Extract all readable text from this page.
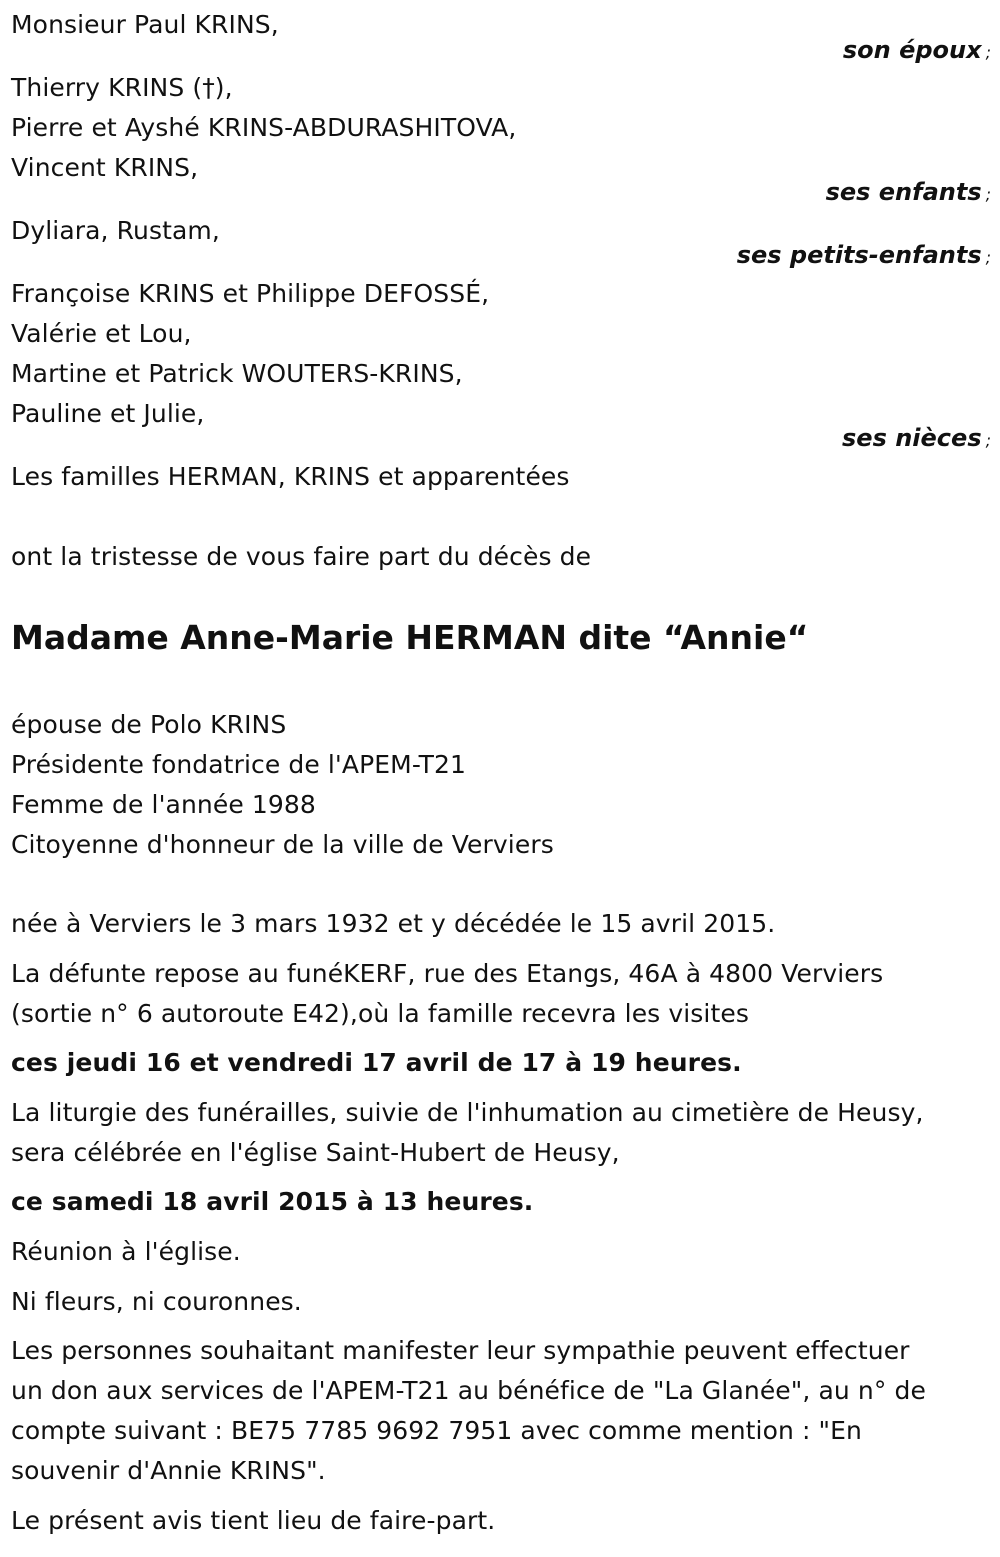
Monsieur Paul KRINS,
son époux ;
Thierry KRINS (†),
Pierre et Ayshé KRINS-ABDURASHITOVA,
Vincent KRINS,
ses enfants ;
Dyliara, Rustam,
ses petits-enfants ;
Françoise KRINS et Philippe DEFOSSÉ,
Valérie et Lou,
Martine et Patrick WOUTERS-KRINS,
Pauline et Julie,
ses nièces ;
Les familles HERMAN, KRINS et apparentées
ont la tristesse de vous faire part du décès de
Madame Anne-Marie HERMAN dite “Annie“
épouse de Polo KRINS
Présidente fondatrice de l'APEM-T21
Femme de l'année 1988
Citoyenne d'honneur de la ville de Verviers
née à Verviers le 3 mars 1932 et y décédée le 15 avril 2015.
La défunte repose au funéKERF, rue des Etangs, 46A à 4800 Verviers
(sortie n° 6 autoroute E42),où la famille recevra les visites
ces jeudi 16 et vendredi 17 avril de 17 à 19 heures.
La liturgie des funérailles, suivie de l'inhumation au cimetière de Heusy,
sera célébrée en l'église Saint-Hubert de Heusy,
ce samedi 18 avril 2015 à 13 heures.
Réunion à l'église.
Ni fleurs, ni couronnes.
Les personnes souhaitant manifester leur sympathie peuvent effectuer
un don aux services de l'APEM-T21 au bénéfice de "La Glanée", au n° de
compte suivant : BE75 7785 9692 7951 avec comme mention : "En
souvenir d'Annie KRINS".
Le présent avis tient lieu de faire-part.
